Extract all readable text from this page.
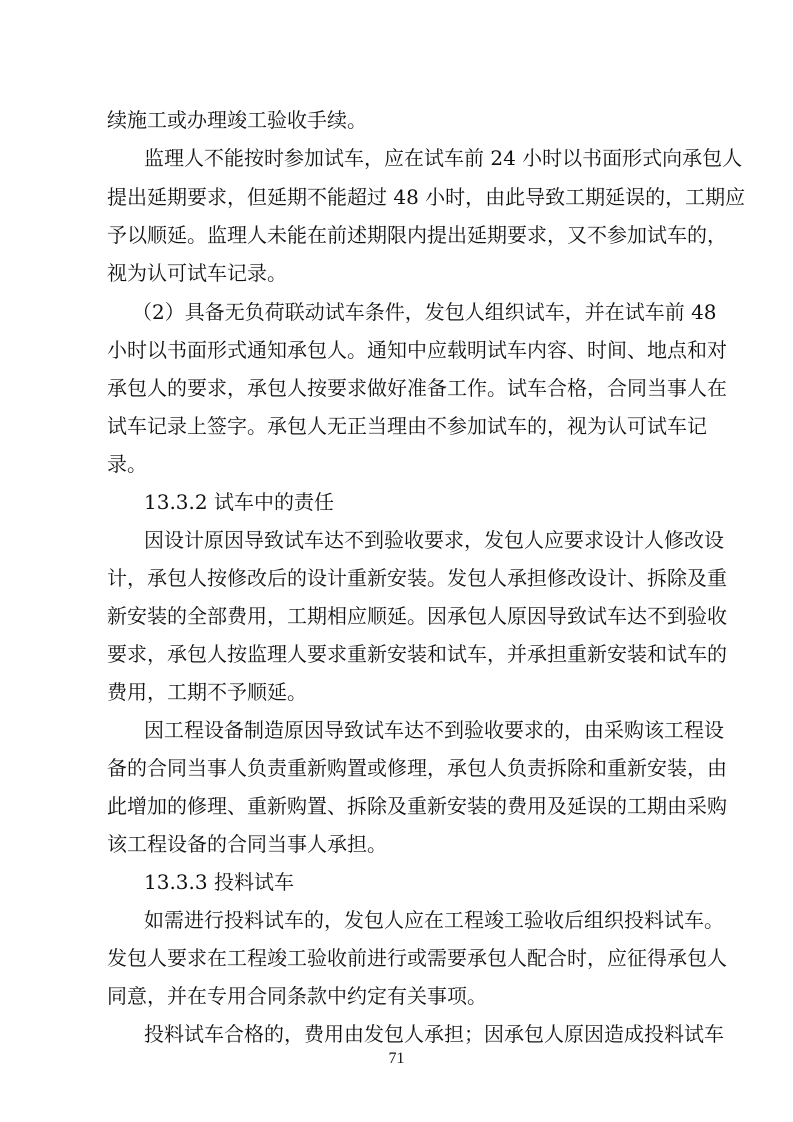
续施工或办理竣工验收手续。
监理人不能按时参加试车，应在试车前 24 小时以书面形式向承包人
提出延期要求，但延期不能超过 48 小时，由此导致工期延误的，工期应
予以顺延。监理人未能在前述期限内提出延期要求，又不参加试车的，
视为认可试车记录。
（2）具备无负荷联动试车条件，发包人组织试车，并在试车前 48
小时以书面形式通知承包人。通知中应载明试车内容、时间、地点和对
承包人的要求，承包人按要求做好准备工作。试车合格，合同当事人在
试车记录上签字。承包人无正当理由不参加试车的，视为认可试车记
录。
13.3.2 试车中的责任
因设计原因导致试车达不到验收要求，发包人应要求设计人修改设
计，承包人按修改后的设计重新安装。发包人承担修改设计、拆除及重
新安装的全部费用，工期相应顺延。因承包人原因导致试车达不到验收
要求，承包人按监理人要求重新安装和试车，并承担重新安装和试车的
费用，工期不予顺延。
因工程设备制造原因导致试车达不到验收要求的，由采购该工程设
备的合同当事人负责重新购置或修理，承包人负责拆除和重新安装，由
此增加的修理、重新购置、拆除及重新安装的费用及延误的工期由采购
该工程设备的合同当事人承担。
13.3.3 投料试车
如需进行投料试车的，发包人应在工程竣工验收后组织投料试车。
发包人要求在工程竣工验收前进行或需要承包人配合时，应征得承包人
同意，并在专用合同条款中约定有关事项。
投料试车合格的，费用由发包人承担；因承包人原因造成投料试车
71
